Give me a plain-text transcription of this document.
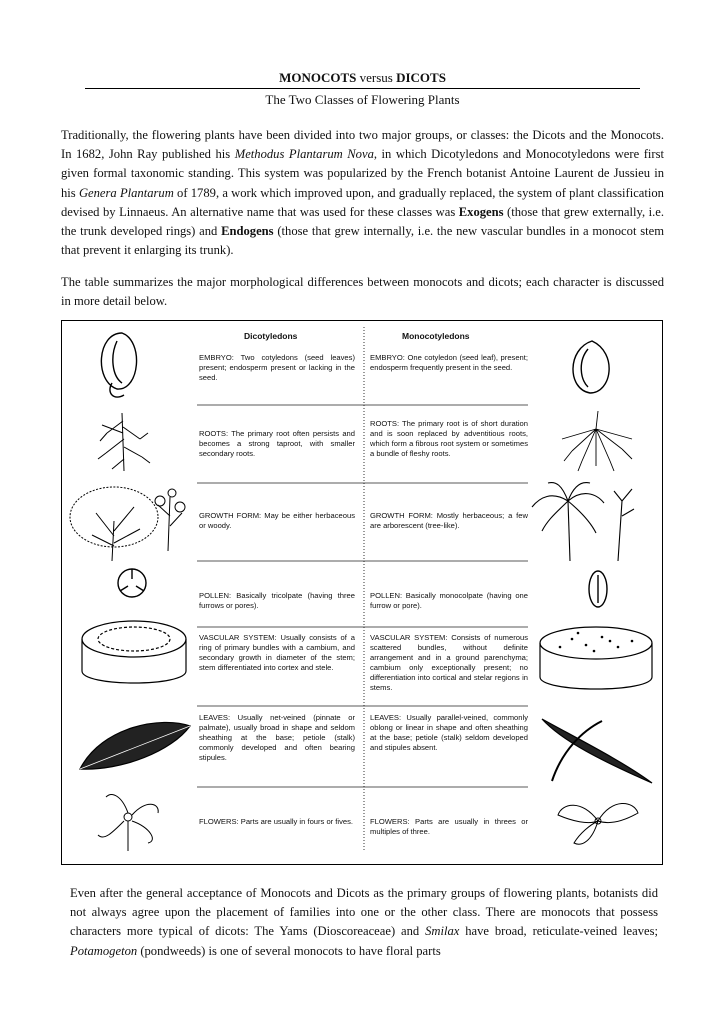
MONOCOTS versus DICOTS
The Two Classes of Flowering Plants
Traditionally, the flowering plants have been divided into two major groups, or classes: the Dicots and the Monocots. In 1682, John Ray published his Methodus Plantarum Nova, in which Dicotyledons and Monocotyledons were first given formal taxonomic standing. This system was popularized by the French botanist Antoine Laurent de Jussieu in his Genera Plantarum of 1789, a work which improved upon, and gradually replaced, the system of plant classification devised by Linnaeus. An alternative name that was used for these classes was Exogens (those that grew externally, i.e. the trunk developed rings) and Endogens (those that grew internally, i.e. the new vascular bundles in a monocot stem that prevent it enlarging its trunk).
The table summarizes the major morphological differences between monocots and dicots; each character is discussed in more detail below.
Dicotyledons	Monocotyledons
EMBRYO: Two cotyledons (seed leaves) present; endosperm present or lacking in the seed.
EMBRYO: One cotyledon (seed leaf), present; endosperm frequently present in the seed.
ROOTS: The primary root often persists and becomes a strong taproot, with smaller secondary roots.
ROOTS: The primary root is of short duration and is soon replaced by adventitious roots, which form a fibrous root system or sometimes a bundle of fleshy roots.
GROWTH FORM: May be either herbaceous or woody.
GROWTH FORM: Mostly herbaceous; a few are arborescent (tree-like).
POLLEN: Basically tricolpate (having three furrows or pores).
POLLEN: Basically monocolpate (having one furrow or pore).
VASCULAR SYSTEM: Usually consists of a ring of primary bundles with a cambium, and secondary growth in diameter of the stem; stem differentiated into cortex and stele.
VASCULAR SYSTEM: Consists of numerous scattered bundles, without definite arrangement and in a ground parenchyma; cambium only exceptionally present; no differentiation into cortical and stelar regions in stems.
LEAVES: Usually net-veined (pinnate or palmate), usually broad in shape and seldom sheathing at the base; petiole (stalk) commonly developed and often bearing stipules.
LEAVES: Usually parallel-veined, commonly oblong or linear in shape and often sheathing at the base; petiole (stalk) seldom developed and stipules absent.
FLOWERS: Parts are usually in fours or fives. FLOWERS: Parts are usually in threes or multiples of three.
Even after the general acceptance of Monocots and Dicots as the primary groups of flowering plants, botanists did not always agree upon the placement of families into one or the other class. There are monocots that possess characters more typical of dicots: The Yams (Dioscoreaceae) and Smilax have broad, reticulate-veined leaves; Potamogeton (pondweeds) is one of several monocots to have floral parts
